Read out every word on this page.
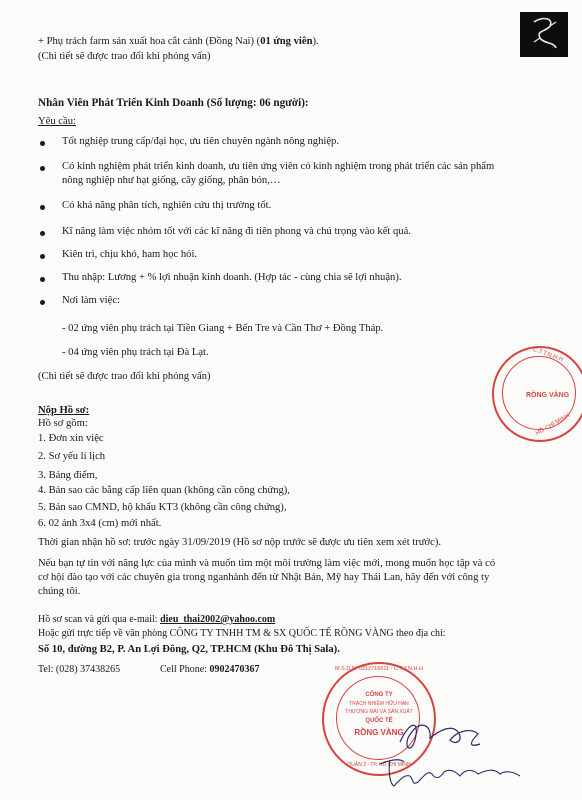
+ Phụ trách farm sản xuất hoa cắt cảnh (Đồng Nai) (01 ứng viên).
(Chi tiết sẽ được trao đổi khi phỏng vấn)
Nhân Viên Phát Triển Kinh Doanh (Số lượng: 06 người):
Yêu cầu:
Tốt nghiệp trung cấp/đại học, ưu tiên chuyên ngành nông nghiệp.
Có kinh nghiệm phát triển kinh doanh, ưu tiên ứng viên có kinh nghiệm trong phát triển các sản phẩm
nông nghiệp như hạt giống, cây giống, phân bón,…
Có khả năng phân tích, nghiên cứu thị trường tốt.
Kĩ năng làm việc nhóm tốt với các kĩ năng đi tiên phong và chú trọng vào kết quả.
Kiên trì, chịu khó, ham học hỏi.
Thu nhập: Lương + % lợi nhuận kinh doanh. (Hợp tác - cùng chia sẽ lợi nhuận).
Nơi làm việc:
- 02 ứng viên phụ trách tại Tiền Giang + Bến Tre và Cần Thơ + Đồng Tháp.
- 04 ứng viên phụ trách tại Đà Lạt.
(Chi tiết sẽ được trao đổi khi phỏng vấn)
Nộp Hồ sơ:
Hồ sơ gồm:
1. Đơn xin việc
2. Sơ yếu lí lịch
3. Bảng điểm,
4. Bản sao các bằng cấp liên quan (không cần công chứng),
5. Bản sao CMND, hộ khẩu KT3 (không cần công chứng),
6. 02 ảnh 3x4 (cm) mới nhất.
Thời gian nhận hồ sơ: trước ngày 31/09/2019 (Hồ sơ nộp trước sẽ được ưu tiên xem xét trước).
Nếu bạn tự tin với năng lực của mình và muốn tìm một môi trường làm việc mới, mong muốn học tập và có
cơ hội đào tạo với các chuyên gia trong nganhành đến từ Nhật Bản, Mỹ hay Thái Lan, hãy đến với công ty
chúng tôi.
Hồ sơ scan và gửi qua e-mail: dieu_thai2002@yahoo.com
Hoặc gửi trực tiếp về văn phòng CÔNG TY TNHH TM & SX QUỐC TẾ RỒNG VÀNG theo địa chỉ:
Số 10, đường B2, P. An Lợi Đông, Q2, TP.HCM (Khu Đô Thị Sala).
Tel: (028) 37438265	Cell Phone: 0902470367
C.T.T.N.H.H
RỒNG VÀNG
HỒ CHÍ MINH
M.S.D.N: 0312715611 - C.T.T.N.H.H
CÔNG TY
TRÁCH NHIỆM HỮU HẠN
THƯƠNG MẠI VÀ SẢN XUẤT
QUỐC TẾ
RỒNG VÀNG
QUẬN 2 - TP. HỒ CHÍ MINH
